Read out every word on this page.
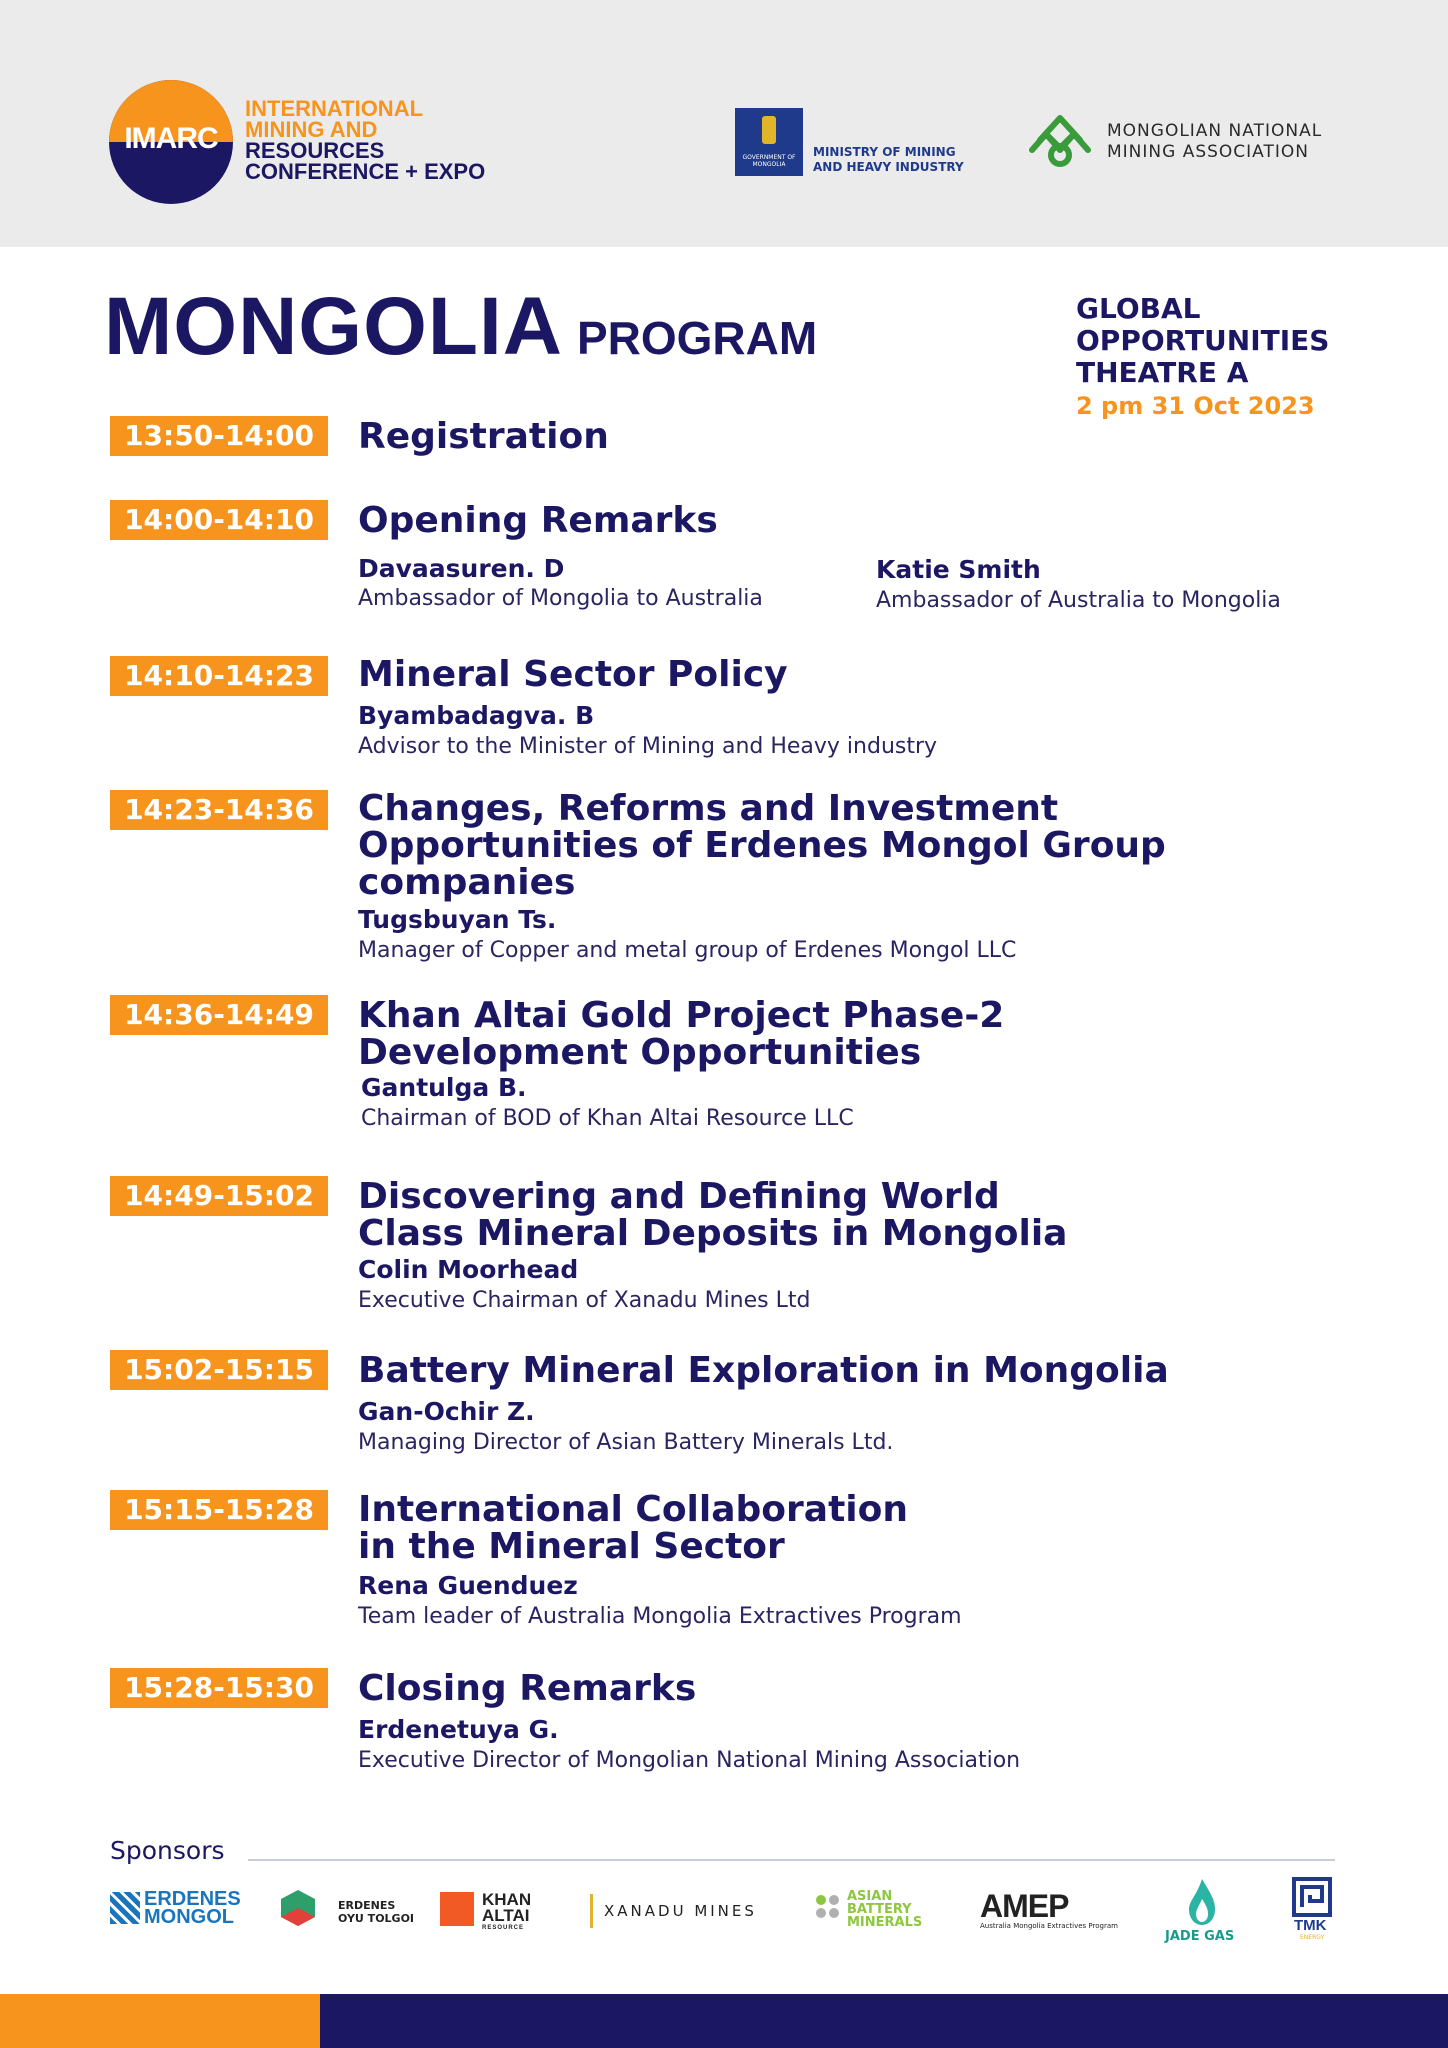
IMARC
INTERNATIONAL
MINING AND
RESOURCES
CONFERENCE + EXPO
GOVERNMENT OF
MONGOLIA
MINISTRY OF MINING
AND HEAVY INDUSTRY
MONGOLIAN NATIONAL
MINING ASSOCIATION
MONGOLIA PROGRAM
GLOBAL
OPPORTUNITIES
THEATRE A
2 pm 31 Oct 2023
13:50-14:00	Registration
14:00-14:10	Opening Remarks
Davaasuren. D
Ambassador of Mongolia to Australia
Katie Smith
Ambassador of Australia to Mongolia
14:10-14:23	Mineral Sector Policy
Byambadagva. B
Advisor to the Minister of Mining and Heavy industry
14:23-14:36	Changes, Reforms and Investment
Opportunities of Erdenes Mongol Group
companies
Tugsbuyan Ts.
Manager of Copper and metal group of Erdenes Mongol LLC
14:36-14:49	Khan Altai Gold Project Phase-2
Development Opportunities
Gantulga B.
Chairman of BOD of Khan Altai Resource LLC
14:49-15:02	Discovering and Defining World
Class Mineral Deposits in Mongolia
Colin Moorhead
Executive Chairman of Xanadu Mines Ltd
15:02-15:15	Battery Mineral Exploration in Mongolia
Gan-Ochir Z.
Managing Director of Asian Battery Minerals Ltd.
15:15-15:28	International Collaboration
in the Mineral Sector
Rena Guenduez
Team leader of Australia Mongolia Extractives Program
15:28-15:30	Closing Remarks
Erdenetuya G.
Executive Director of Mongolian National Mining Association
Sponsors
ERDENES
MONGOL
ERDENES
OYU TOLGOI
KHAN
ALTAI
RESOURCE
XANADU MINES
ASIAN
BATTERY
MINERALS AMEP
Australia Mongolia Extractives Program
JADE GAS
TMK
ENERGY
